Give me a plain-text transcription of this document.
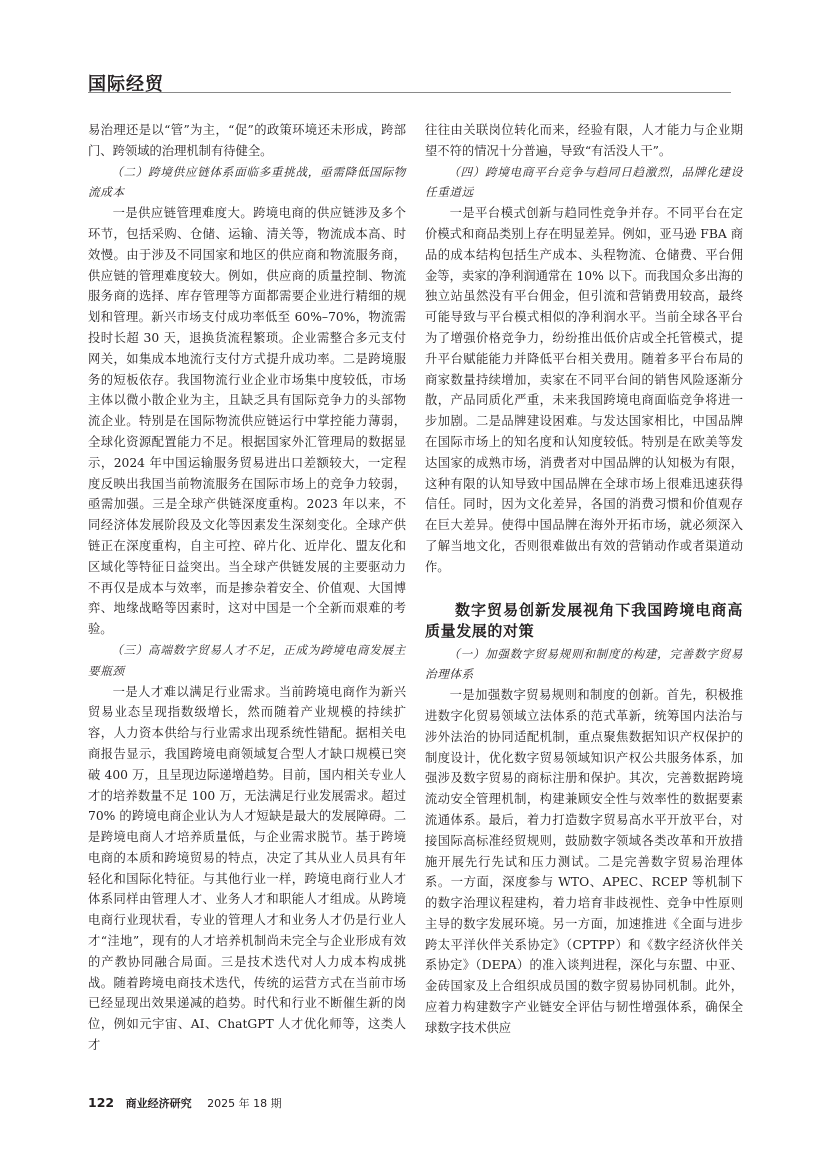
国际经贸

易治理还是以“管”为主，“促”的政策环境还未形成，跨部门、跨领域的治理机制有待健全。

（二）跨境供应链体系面临多重挑战，亟需降低国际物流成本

一是供应链管理难度大。跨境电商的供应链涉及多个环节，包括采购、仓储、运输、清关等，物流成本高、时效慢。由于涉及不同国家和地区的供应商和物流服务商，供应链的管理难度较大。例如，供应商的质量控制、物流服务商的选择、库存管理等方面都需要企业进行精细的规划和管理。新兴市场支付成功率低至 60%–70%，物流需投时长超 30 天，退换货流程繁琐。企业需整合多元支付网关，如集成本地流行支付方式提升成功率。二是跨境服务的短板依存。我国物流行业企业市场集中度较低，市场主体以微小散企业为主，且缺乏具有国际竞争力的头部物流企业。特别是在国际物流供应链运行中掌控能力薄弱，全球化资源配置能力不足。根据国家外汇管理局的数据显示，2024 年中国运输服务贸易进出口差额较大，一定程度反映出我国当前物流服务在国际市场上的竞争力较弱，亟需加强。三是全球产供链深度重构。2023 年以来，不同经济体发展阶段及文化等因素发生深刻变化。全球产供链正在深度重构，自主可控、碎片化、近岸化、盟友化和区域化等特征日益突出。当全球产供链发展的主要驱动力不再仅是成本与效率，而是掺杂着安全、价值观、大国博弈、地缘战略等因素时，这对中国是一个全新而艰难的考验。

（三）高端数字贸易人才不足，正成为跨境电商发展主要瓶颈

一是人才难以满足行业需求。当前跨境电商作为新兴贸易业态呈现指数级增长，然而随着产业规模的持续扩容，人力资本供给与行业需求出现系统性错配。据相关电商报告显示，我国跨境电商领域复合型人才缺口规模已突破 400 万，且呈现边际递增趋势。目前，国内相关专业人才的培养数量不足 100 万，无法满足行业发展需求。超过 70% 的跨境电商企业认为人才短缺是最大的发展障碍。二是跨境电商人才培养质量低，与企业需求脱节。基于跨境电商的本质和跨境贸易的特点，决定了其从业人员具有年轻化和国际化特征。与其他行业一样，跨境电商行业人才体系同样由管理人才、业务人才和职能人才组成。从跨境电商行业现状看，专业的管理人才和业务人才仍是行业人才“洼地”，现有的人才培养机制尚未完全与企业形成有效的产教协同融合局面。三是技术迭代对人力成本构成挑战。随着跨境电商技术迭代，传统的运营方式在当前市场已经显现出效果递减的趋势。时代和行业不断催生新的岗位，例如元宇宙、AI、ChatGPT 人才优化师等，这类人才

往往由关联岗位转化而来，经验有限，人才能力与企业期望不符的情况十分普遍，导致“有活没人干”。

（四）跨境电商平台竞争与趋同日趋激烈，品牌化建设任重道远

一是平台模式创新与趋同性竞争并存。不同平台在定价模式和商品类别上存在明显差异。例如，亚马逊 FBA 商品的成本结构包括生产成本、头程物流、仓储费、平台佣金等，卖家的净利润通常在 10% 以下。而我国众多出海的独立站虽然没有平台佣金，但引流和营销费用较高，最终可能导致与平台模式相似的净利润水平。当前全球各平台为了增强价格竞争力，纷纷推出低价店或全托管模式，提升平台赋能能力并降低平台相关费用。随着多平台布局的商家数量持续增加，卖家在不同平台间的销售风险逐渐分散，产品同质化严重，未来我国跨境电商面临竞争将进一步加剧。二是品牌建设困难。与发达国家相比，中国品牌在国际市场上的知名度和认知度较低。特别是在欧美等发达国家的成熟市场，消费者对中国品牌的认知极为有限，这种有限的认知导致中国品牌在全球市场上很难迅速获得信任。同时，因为文化差异，各国的消费习惯和价值观存在巨大差异。使得中国品牌在海外开拓市场，就必须深入了解当地文化，否则很难做出有效的营销动作或者渠道动作。

数字贸易创新发展视角下我国跨境电商高质量发展的对策

（一）加强数字贸易规则和制度的构建，完善数字贸易治理体系

一是加强数字贸易规则和制度的创新。首先，积极推进数字化贸易领域立法体系的范式革新，统筹国内法治与涉外法治的协同适配机制，重点聚焦数据知识产权保护的制度设计，优化数字贸易领域知识产权公共服务体系，加强涉及数字贸易的商标注册和保护。其次，完善数据跨境流动安全管理机制，构建兼顾安全性与效率性的数据要素流通体系。最后，着力打造数字贸易高水平开放平台，对接国际高标准经贸规则，鼓励数字领域各类改革和开放措施开展先行先试和压力测试。二是完善数字贸易治理体系。一方面，深度参与 WTO、APEC、RCEP 等机制下的数字治理议程建构，着力培育非歧视性、竞争中性原则主导的数字发展环境。另一方面，加速推进《全面与进步跨太平洋伙伴关系协定》（CPTPP）和《数字经济伙伴关系协定》（DEPA）的准入谈判进程，深化与东盟、中亚、金砖国家及上合组织成员国的数字贸易协同机制。此外，应着力构建数字产业链安全评估与韧性增强体系，确保全球数字技术供应

122 商业经济研究 2025 年 18 期
